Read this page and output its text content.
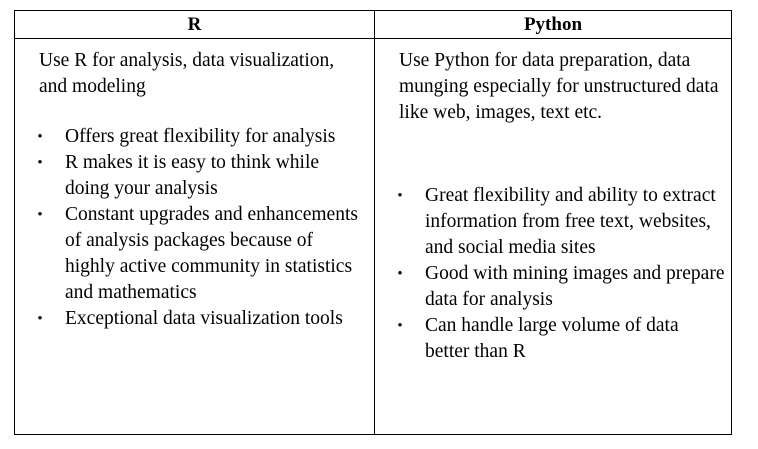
R	Python

Use R for analysis, data visualization, and modeling

• Offers great flexibility for analysis
• R makes it is easy to think while doing your analysis
• Constant upgrades and enhancements of analysis packages because of highly active community in statistics and mathematics
• Exceptional data visualization tools

Use Python for data preparation, data munging especially for unstructured data like web, images, text etc.

• Great flexibility and ability to extract information from free text, websites, and social media sites
• Good with mining images and prepare data for analysis
• Can handle large volume of data better than R
